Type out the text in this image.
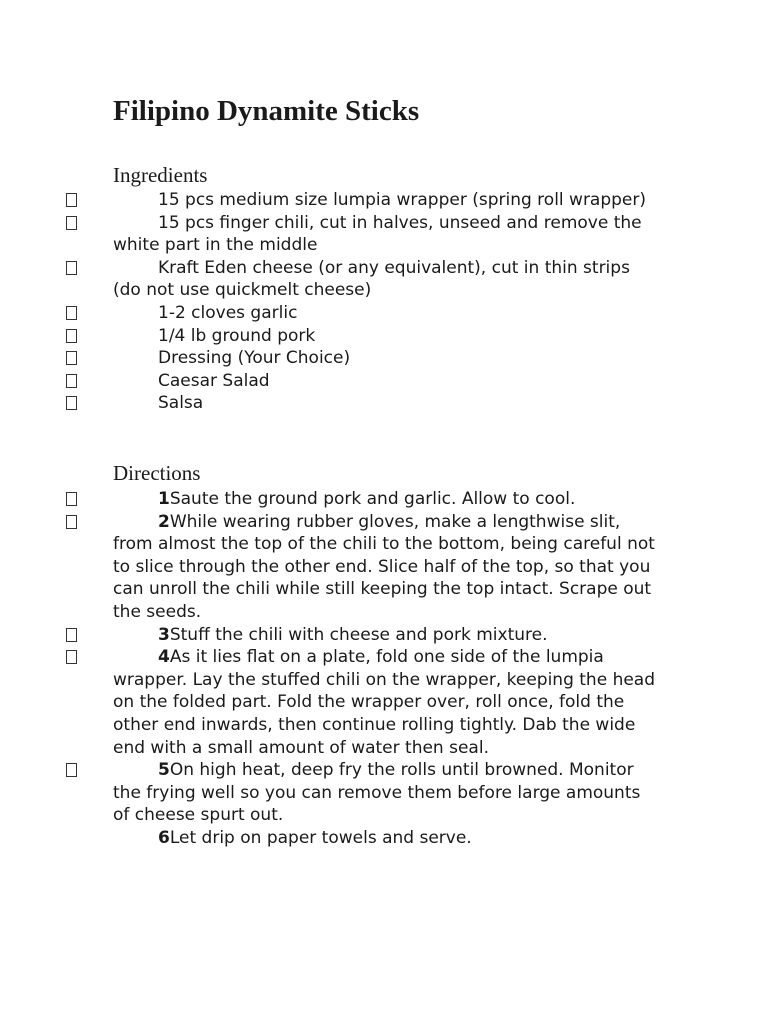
Filipino Dynamite Sticks
Ingredients
15 pcs medium size lumpia wrapper (spring roll wrapper)
15 pcs finger chili, cut in halves, unseed and remove the white part in the middle
Kraft Eden cheese (or any equivalent), cut in thin strips (do not use quickmelt cheese)
1-2 cloves garlic
1/4 lb ground pork
Dressing (Your Choice)
Caesar Salad
Salsa
Directions
1Saute the ground pork and garlic. Allow to cool.
2While wearing rubber gloves, make a lengthwise slit, from almost the top of the chili to the bottom, being careful not to slice through the other end. Slice half of the top, so that you can unroll the chili while still keeping the top intact. Scrape out the seeds.
3Stuff the chili with cheese and pork mixture.
4As it lies flat on a plate, fold one side of the lumpia wrapper. Lay the stuffed chili on the wrapper, keeping the head on the folded part. Fold the wrapper over, roll once, fold the other end inwards, then continue rolling tightly. Dab the wide end with a small amount of water then seal.
5On high heat, deep fry the rolls until browned. Monitor the frying well so you can remove them before large amounts of cheese spurt out.
6Let drip on paper towels and serve.
